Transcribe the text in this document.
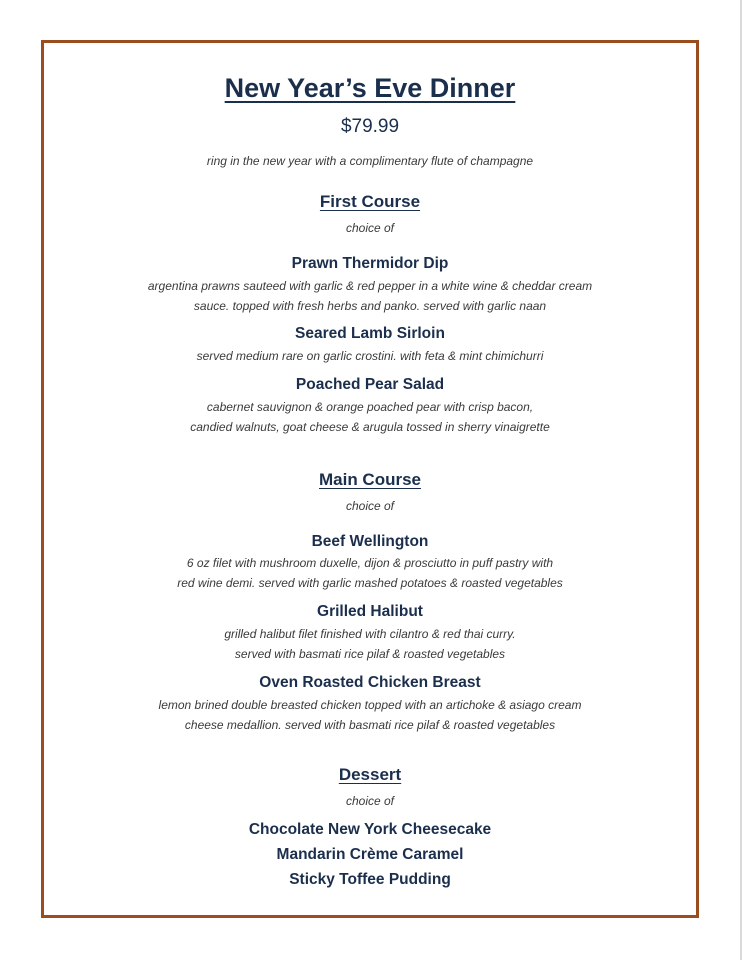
New Year’s Eve Dinner
$79.99
ring in the new year with a complimentary flute of champagne
First Course
choice of
Prawn Thermidor Dip
argentina prawns sauteed with garlic & red pepper in a white wine & cheddar cream
sauce. topped with fresh herbs and panko. served with garlic naan
Seared Lamb Sirloin
served medium rare on garlic crostini. with feta & mint chimichurri
Poached Pear Salad
cabernet sauvignon & orange poached pear with crisp bacon,
candied walnuts, goat cheese & arugula tossed in sherry vinaigrette
Main Course
choice of
Beef Wellington
6 oz filet with mushroom duxelle, dijon & prosciutto in puff pastry with
red wine demi. served with garlic mashed potatoes & roasted vegetables
Grilled Halibut
grilled halibut filet finished with cilantro & red thai curry.
served with basmati rice pilaf & roasted vegetables
Oven Roasted Chicken Breast
lemon brined double breasted chicken topped with an artichoke & asiago cream
cheese medallion. served with basmati rice pilaf & roasted vegetables
Dessert
choice of
Chocolate New York Cheesecake
Mandarin Crème Caramel
Sticky Toffee Pudding
